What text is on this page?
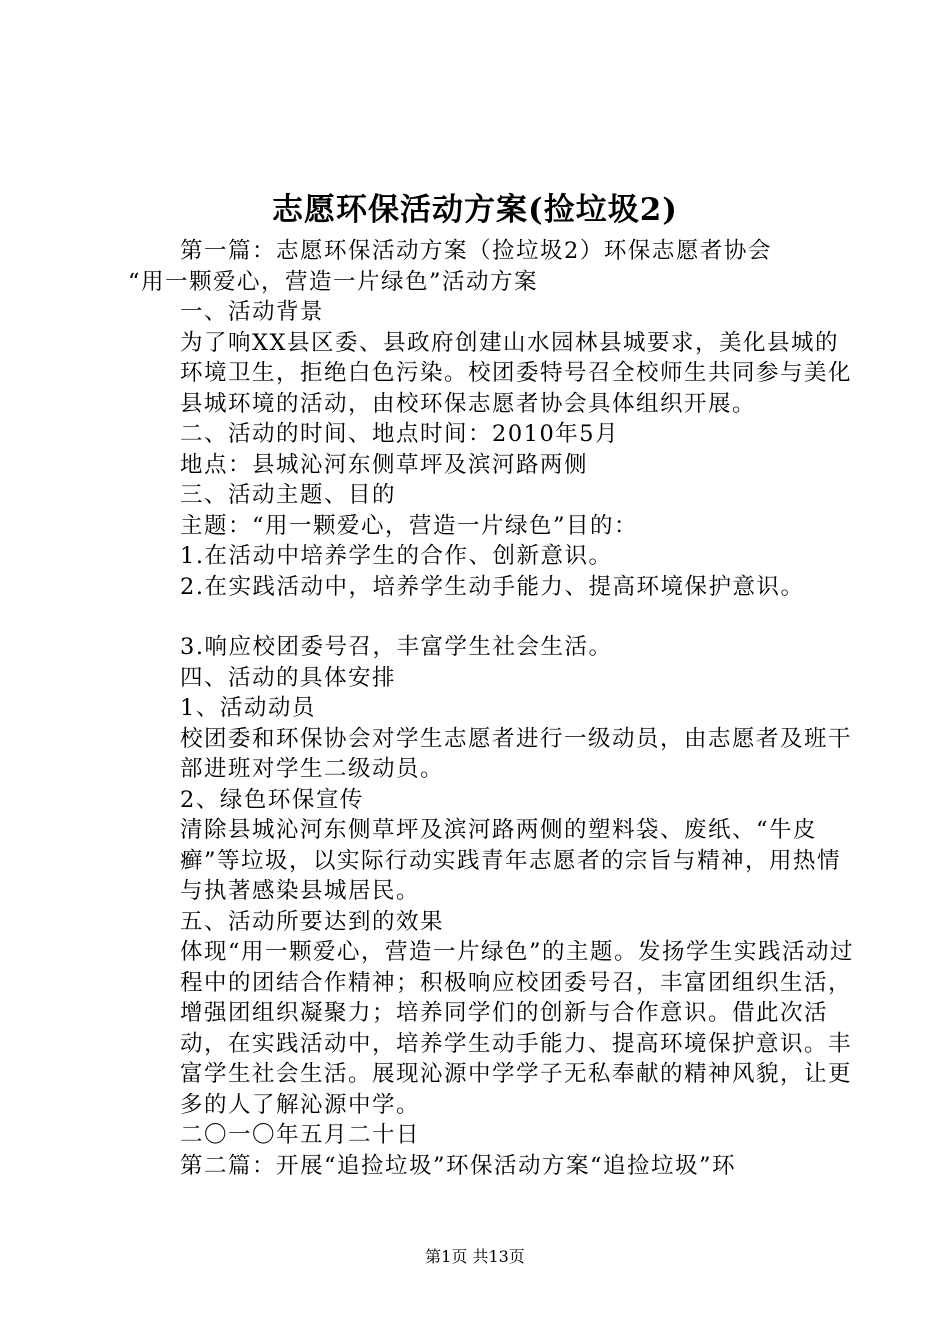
志愿环保活动方案(捡垃圾2)

第一篇：志愿环保活动方案（捡垃圾2）环保志愿者协会

“用一颗爱心，营造一片绿色”活动方案

一、活动背景

为了响XX县区委、县政府创建山水园林县城要求，美化县城的环境卫生，拒绝白色污染。校团委特号召全校师生共同参与美化县城环境的活动，由校环保志愿者协会具体组织开展。

二、活动的时间、地点时间：2010年5月

地点：县城沁河东侧草坪及滨河路两侧

三、活动主题、目的

主题：“用一颗爱心，营造一片绿色”目的：

1.在活动中培养学生的合作、创新意识。

2.在实践活动中，培养学生动手能力、提高环境保护意识。

3.响应校团委号召，丰富学生社会生活。

四、活动的具体安排

1、活动动员

校团委和环保协会对学生志愿者进行一级动员，由志愿者及班干部进班对学生二级动员。

2、绿色环保宣传

清除县城沁河东侧草坪及滨河路两侧的塑料袋、废纸、“牛皮癣”等垃圾，以实际行动实践青年志愿者的宗旨与精神，用热情与执著感染县城居民。

五、活动所要达到的效果

体现“用一颗爱心，营造一片绿色”的主题。发扬学生实践活动过程中的团结合作精神；积极响应校团委号召，丰富团组织生活，增强团组织凝聚力；培养同学们的创新与合作意识。借此次活动，在实践活动中，培养学生动手能力、提高环境保护意识。丰富学生社会生活。展现沁源中学学子无私奉献的精神风貌，让更多的人了解沁源中学。

二〇一〇年五月二十日

第二篇：开展“追捡垃圾”环保活动方案“追捡垃圾”环

第1页 共13页
